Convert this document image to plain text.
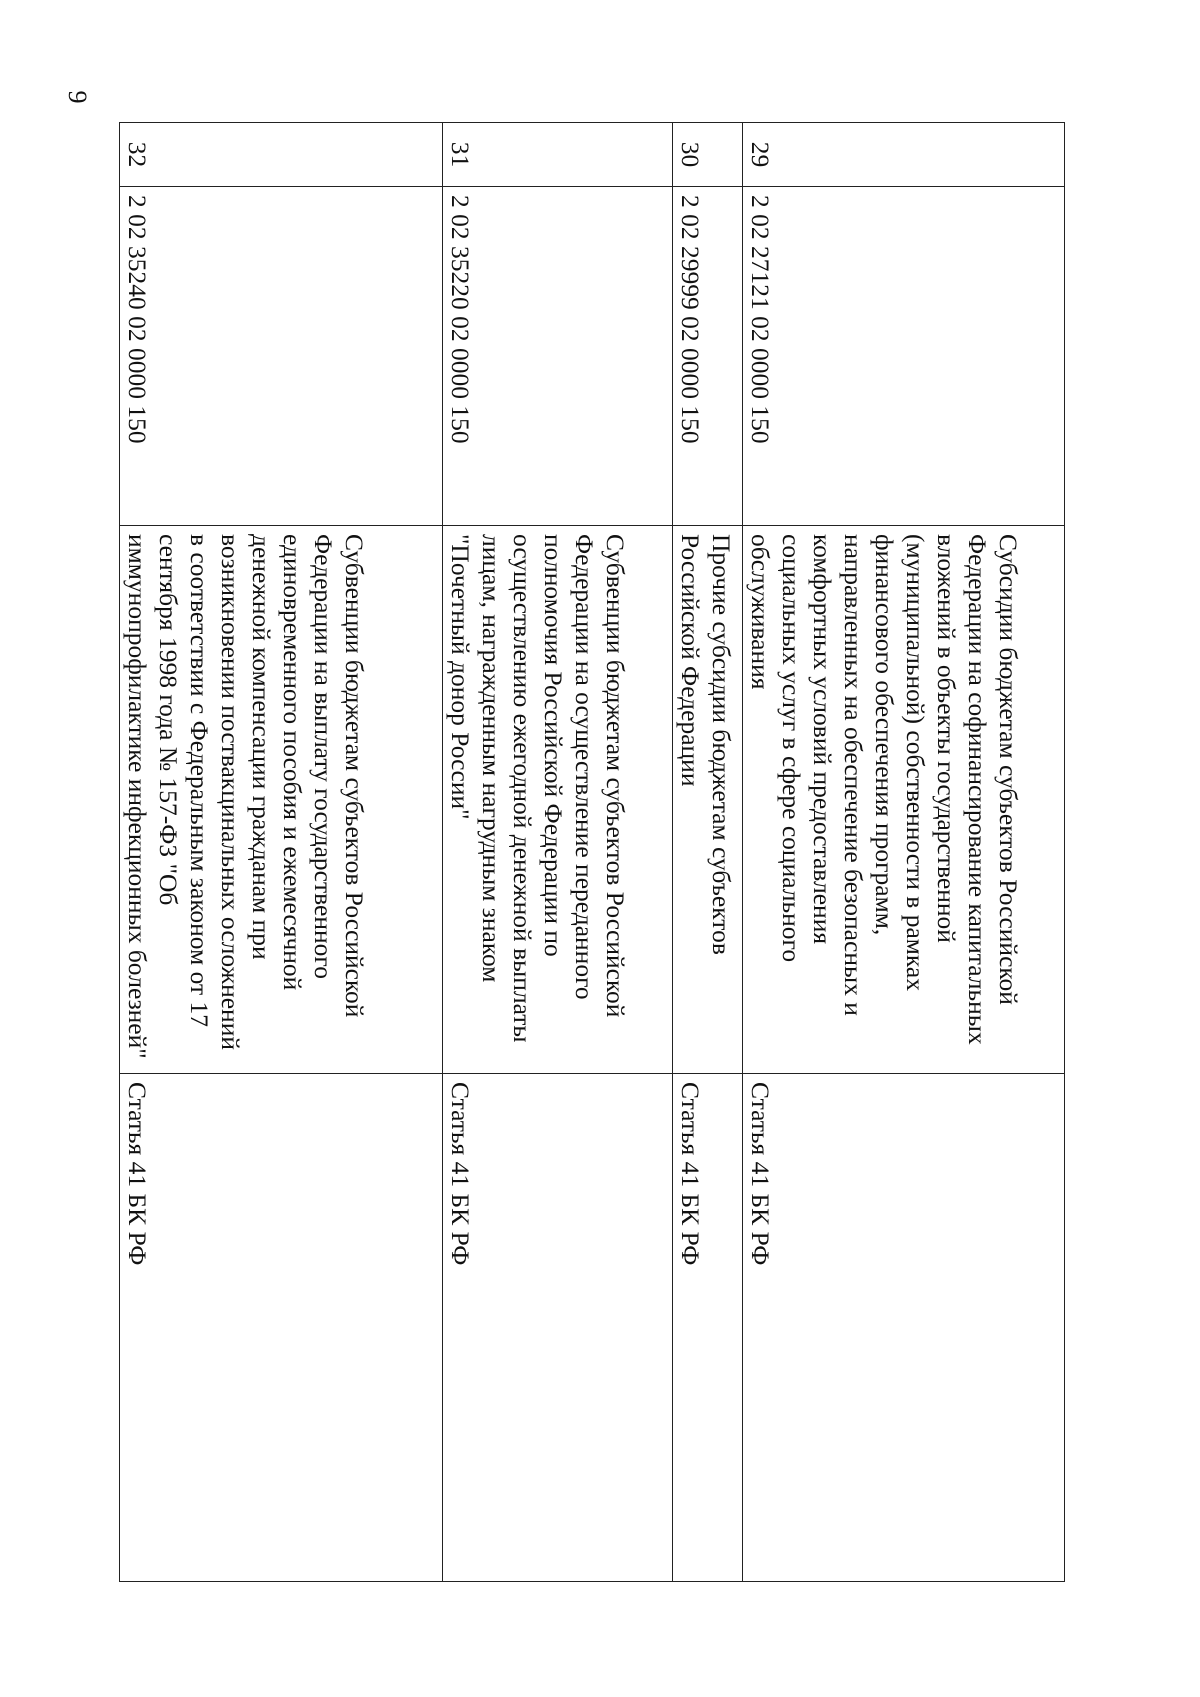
9
29	2 02 27121 02 0000 150	Субсидии бюджетам субъектов Российской Федерации на софинансирование капитальных вложений в объекты государственной (муниципальной) собственности в рамках финансового обеспечения программ, направленных на обеспечение безопасных и комфортных условий предоставления социальных услуг в сфере социального обслуживания	Статья 41 БК РФ
30	2 02 29999 02 0000 150	Прочие субсидии бюджетам субъектов Российской Федерации	Статья 41 БК РФ
31	2 02 35220 02 0000 150	Субвенции бюджетам субъектов Российской Федерации на осуществление переданного полномочия Российской Федерации по осуществлению ежегодной денежной выплаты лицам, награжденным нагрудным знаком "Почетный донор России"	Статья 41 БК РФ
32	2 02 35240 02 0000 150	Субвенции бюджетам субъектов Российской Федерации на выплату государственного единовременного пособия и ежемесячной денежной компенсации гражданам при возникновении поствакцинальных осложнений в соответствии с Федеральным законом от 17 сентября 1998 года № 157-ФЗ "Об иммунопрофилактике инфекционных болезней"	Статья 41 БК РФ
